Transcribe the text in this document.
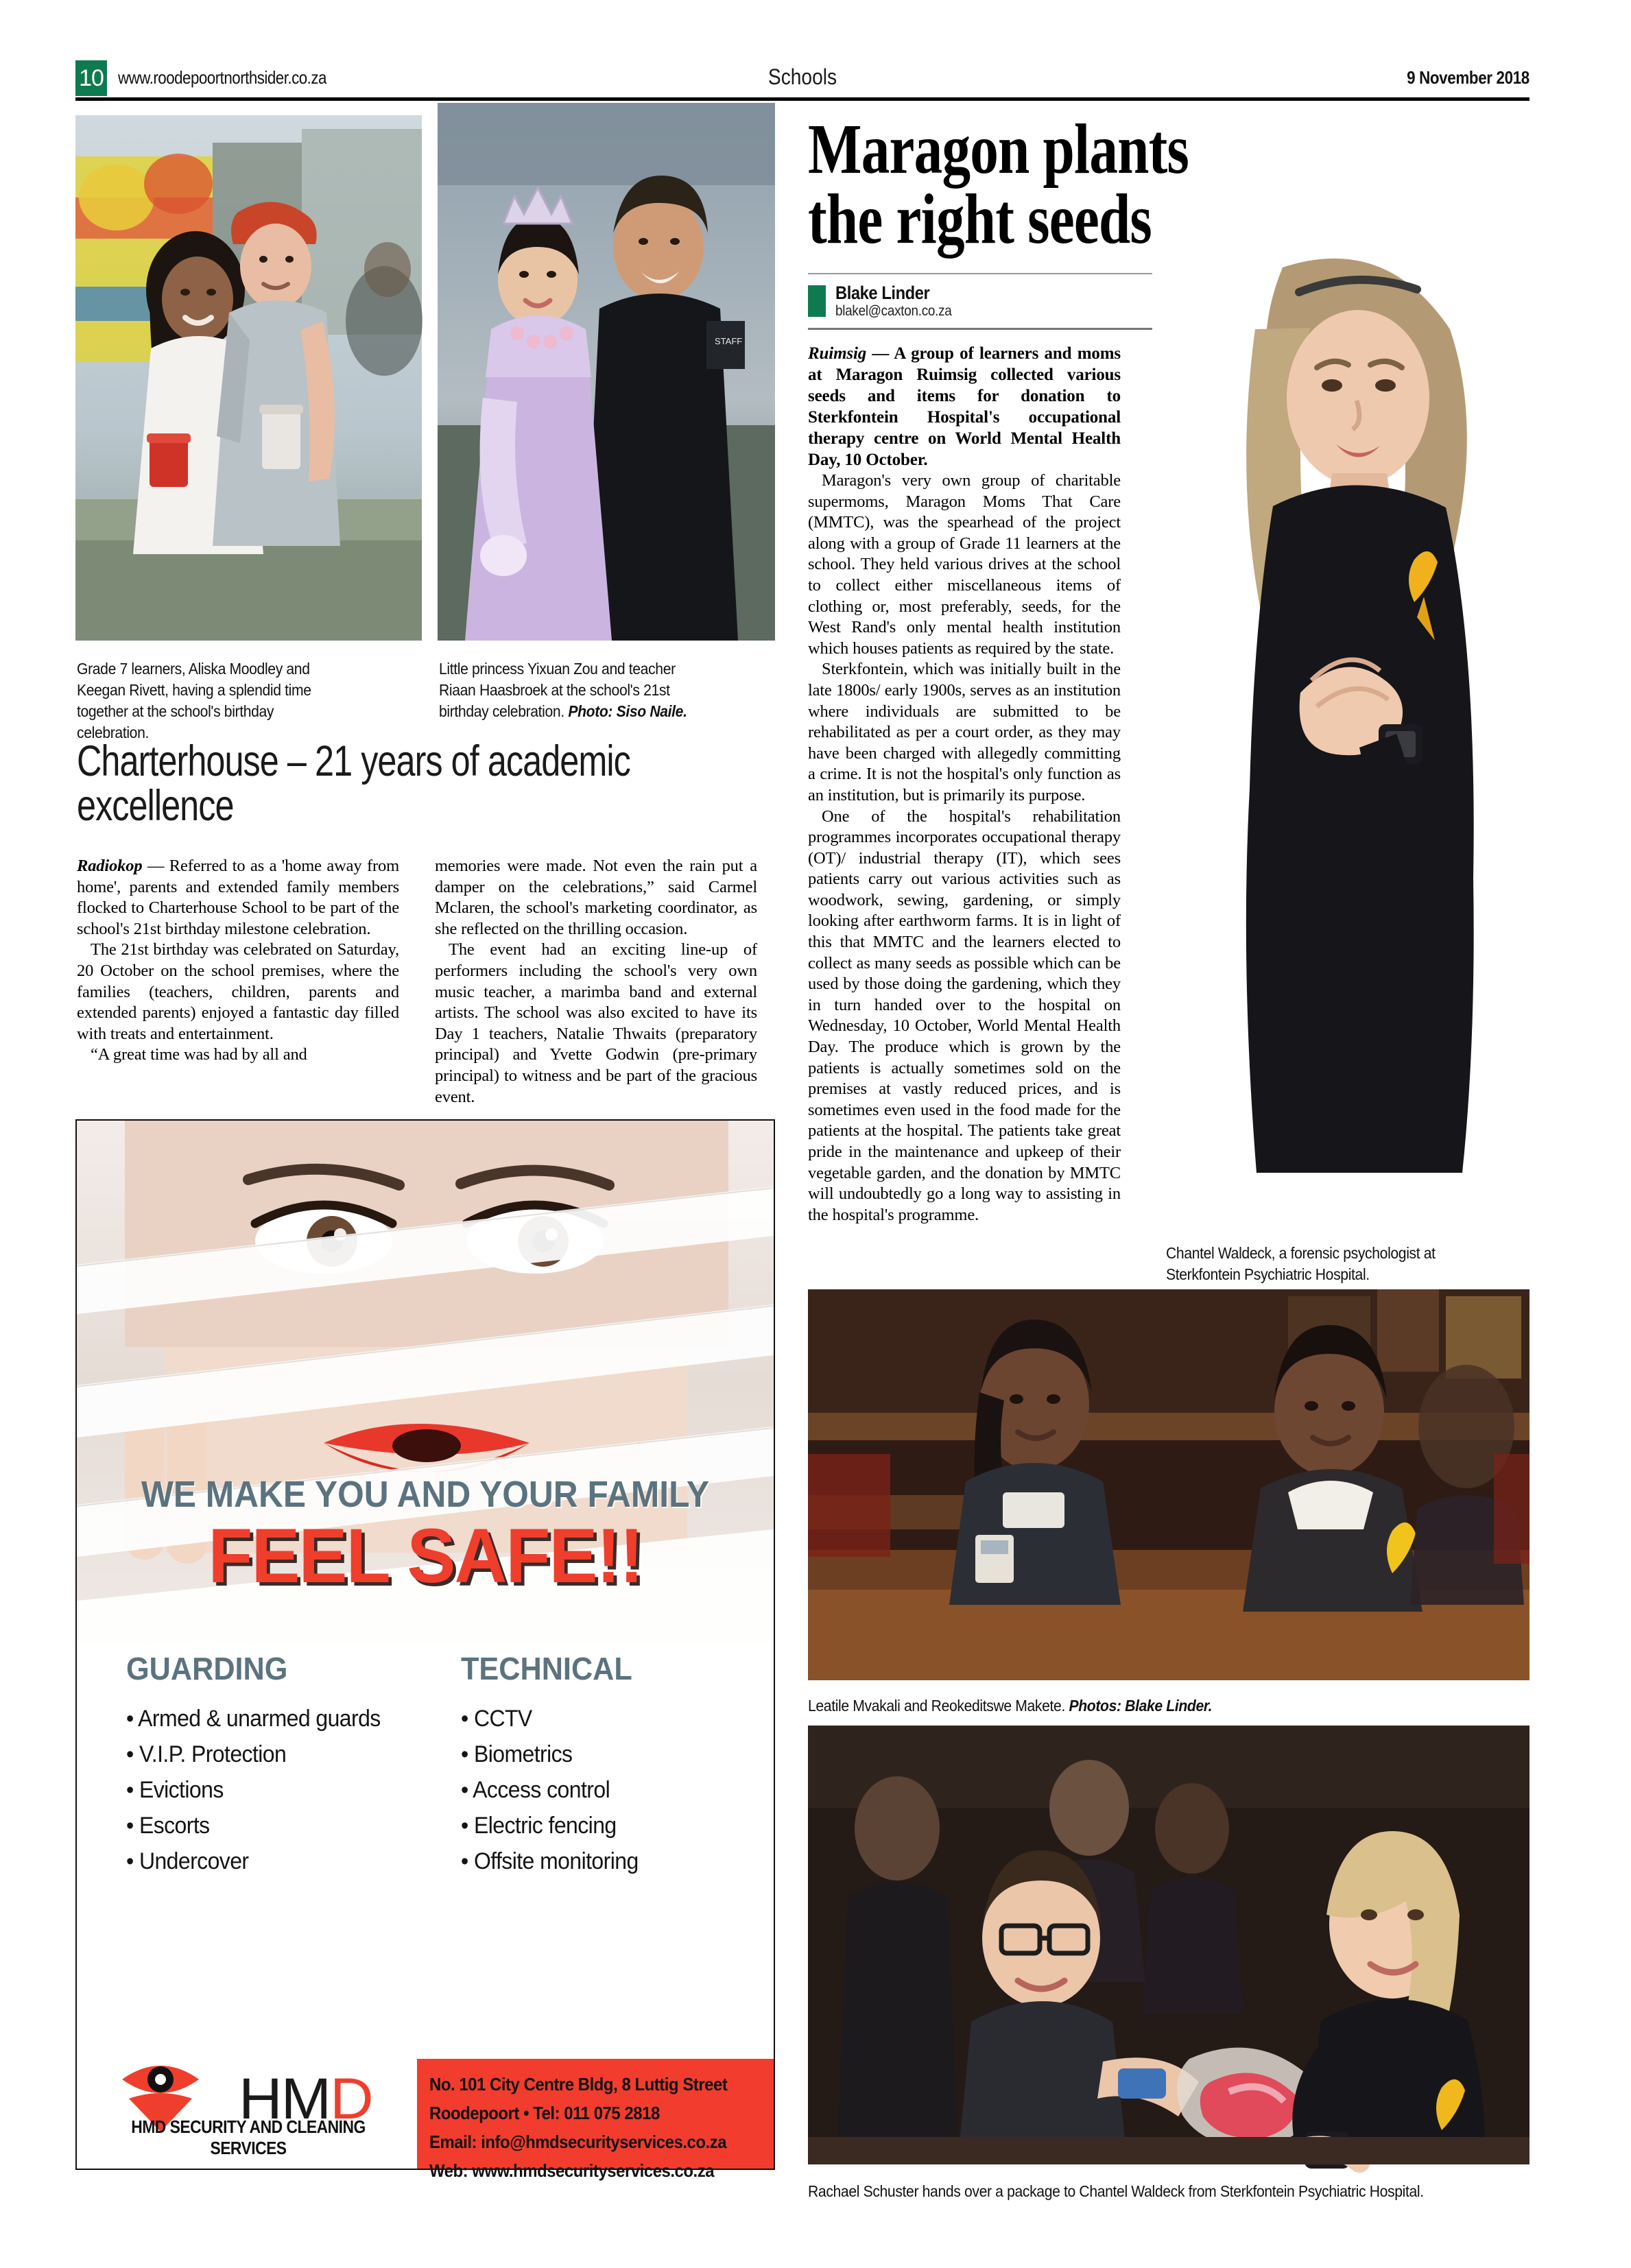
10 www.roodepoortnorthsider.co.za	Schools	9 November 2018
STAFF
Grade 7 learners, Aliska Moodley and Keegan Rivett, having a splendid time together at the school's birthday celebration.
Little princess Yixuan Zou and teacher Riaan Haasbroek at the school's 21st birthday celebration. Photo: Siso Naile.
Charterhouse – 21 years of academic excellence

Radiokop — Referred to as a 'home away from home', parents and extended family members flocked to Charterhouse School to be part of the school's 21st birthday milestone celebration.

The 21st birthday was celebrated on Saturday, 20 October on the school premises, where the families (teachers, children, parents and extended parents) enjoyed a fantastic day filled with treats and entertainment.

“A great time was had by all and

memories were made. Not even the rain put a damper on the celebrations,” said Carmel Mclaren, the school's marketing coordinator, as she reflected on the thrilling occasion.

The event had an exciting line-up of performers including the school's very own music teacher, a marimba band and external artists. The school was also excited to have its Day 1 teachers, Natalie Thwaits (preparatory principal) and Yvette Godwin (pre-primary principal) to witness and be part of the gracious event.

WE MAKE YOU AND YOUR FAMILY
FEEL SAFE!!
GUARDING
• Armed & unarmed guards
• V.I.P. Protection
• Evictions
• Escorts
• Undercover
TECHNICAL
• CCTV
• Biometrics
• Access control
• Electric fencing
• Offsite monitoring
HMD
HMD SECURITY AND CLEANING SERVICES
No. 101 City Centre Bldg, 8 Luttig Street
Roodepoort • Tel: 011 075 2818
Email: info@hmdsecurityservices.co.za
Web: www.hmdsecurityservices.co.za
Maragon plants
the right seeds
Blake Linder
blakel@caxton.co.za

Ruimsig — A group of learners and moms at Maragon Ruimsig collected various seeds and items for donation to Sterkfontein Hospital's occupational therapy centre on World Mental Health Day, 10 October.

Maragon's very own group of charitable supermoms, Maragon Moms That Care (MMTC), was the spearhead of the project along with a group of Grade 11 learners at the school. They held various drives at the school to collect either miscellaneous items of clothing or, most preferably, seeds, for the West Rand's only mental health institution which houses patients as required by the state.

Sterkfontein, which was initially built in the late 1800s/ early 1900s, serves as an institution where individuals are submitted to be rehabilitated as per a court order, as they may have been charged with allegedly committing a crime. It is not the hospital's only function as an institution, but is primarily its purpose.

One of the hospital's rehabilitation programmes incorporates occupational therapy (OT)/ industrial therapy (IT), which sees patients carry out various activities such as woodwork, sewing, gardening, or simply looking after earthworm farms. It is in light of this that MMTC and the learners elected to collect as many seeds as possible which can be used by those doing the gardening, which they in turn handed over to the hospital on Wednesday, 10 October, World Mental Health Day. The produce which is grown by the patients is actually sometimes sold on the premises at vastly reduced prices, and is sometimes even used in the food made for the patients at the hospital. The patients take great pride in the maintenance and upkeep of their vegetable garden, and the donation by MMTC will undoubtedly go a long way to assisting in the hospital's programme.

Chantel Waldeck, a forensic psychologist at Sterkfontein Psychiatric Hospital.
Leatile Mvakali and Reokeditswe Makete. Photos: Blake Linder.
Rachael Schuster hands over a package to Chantel Waldeck from Sterkfontein Psychiatric Hospital.
